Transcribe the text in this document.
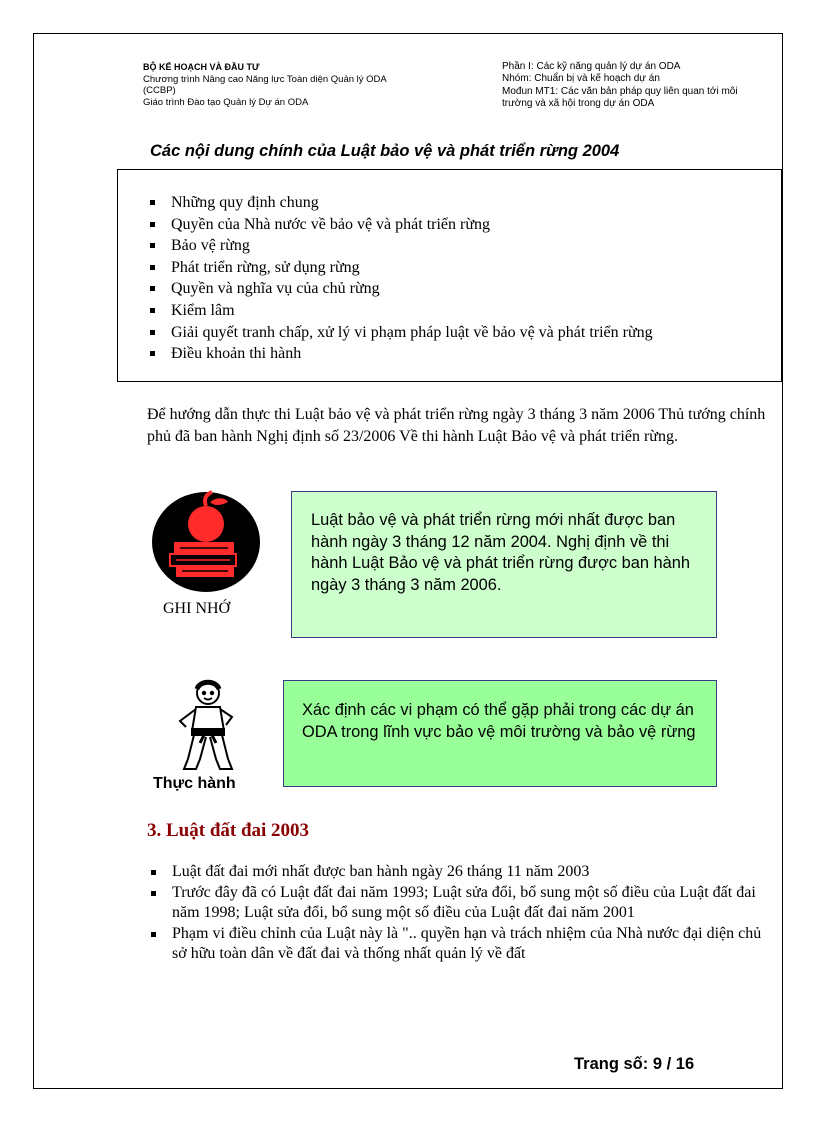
BỘ KẾ HOẠCH VÀ ĐẦU TƯ
Chương trình Nâng cao Năng lực Toàn diện Quản lý ODA
(CCBP)
Giáo trình Đào tạo Quản lý Dự án ODA
Phần I: Các kỹ năng quản lý dự án ODA
Nhóm: Chuẩn bị và kế hoạch dự án
Mođun MT1: Các văn bản pháp quy liên quan tới môi trường và xã hội trong dự án ODA
Các nội dung chính của Luật bảo vệ và phát triển rừng 2004
Những quy định chung
Quyền của Nhà nước về bảo vệ và phát triển rừng
Bảo vệ rừng
Phát triển rừng, sử dụng rừng
Quyền và nghĩa vụ của chủ rừng
Kiểm lâm
Giải quyết tranh chấp, xử lý vi phạm pháp luật về bảo vệ và phát triển rừng
Điều khoản thi hành
Để hướng dẫn thực thi Luật bảo vệ và phát triển rừng ngày 3 tháng 3 năm 2006 Thủ tướng chính phủ đã ban hành Nghị định số 23/2006 Về thi hành Luật Bảo vệ và phát triển rừng.
GHI NHỚ
Luật bảo vệ và phát triển rừng mới nhất được ban hành ngày 3 tháng 12 năm 2004. Nghị định về thi hành Luật Bảo vệ và phát triển rừng được ban hành ngày 3 tháng 3 năm 2006.
Thực hành
Xác định các vi phạm có thể gặp phải trong các dự án ODA trong lĩnh vực bảo vệ môi trường và bảo vệ rừng
3. Luật đất đai 2003
Luật đất đai mới nhất được ban hành ngày 26 tháng 11 năm 2003
Trước đây đã có Luật đất đai năm 1993; Luật sửa đổi, bổ sung một số điều của Luật đất đai năm 1998; Luật sửa đổi, bổ sung một số điều của Luật đất đai năm 2001
Phạm vi điều chỉnh của Luật này là ".. quyền hạn và trách nhiệm của Nhà nước đại diện chủ sở hữu toàn dân về đất đai và thống nhất quản lý về đất
Trang số: 9 / 16
